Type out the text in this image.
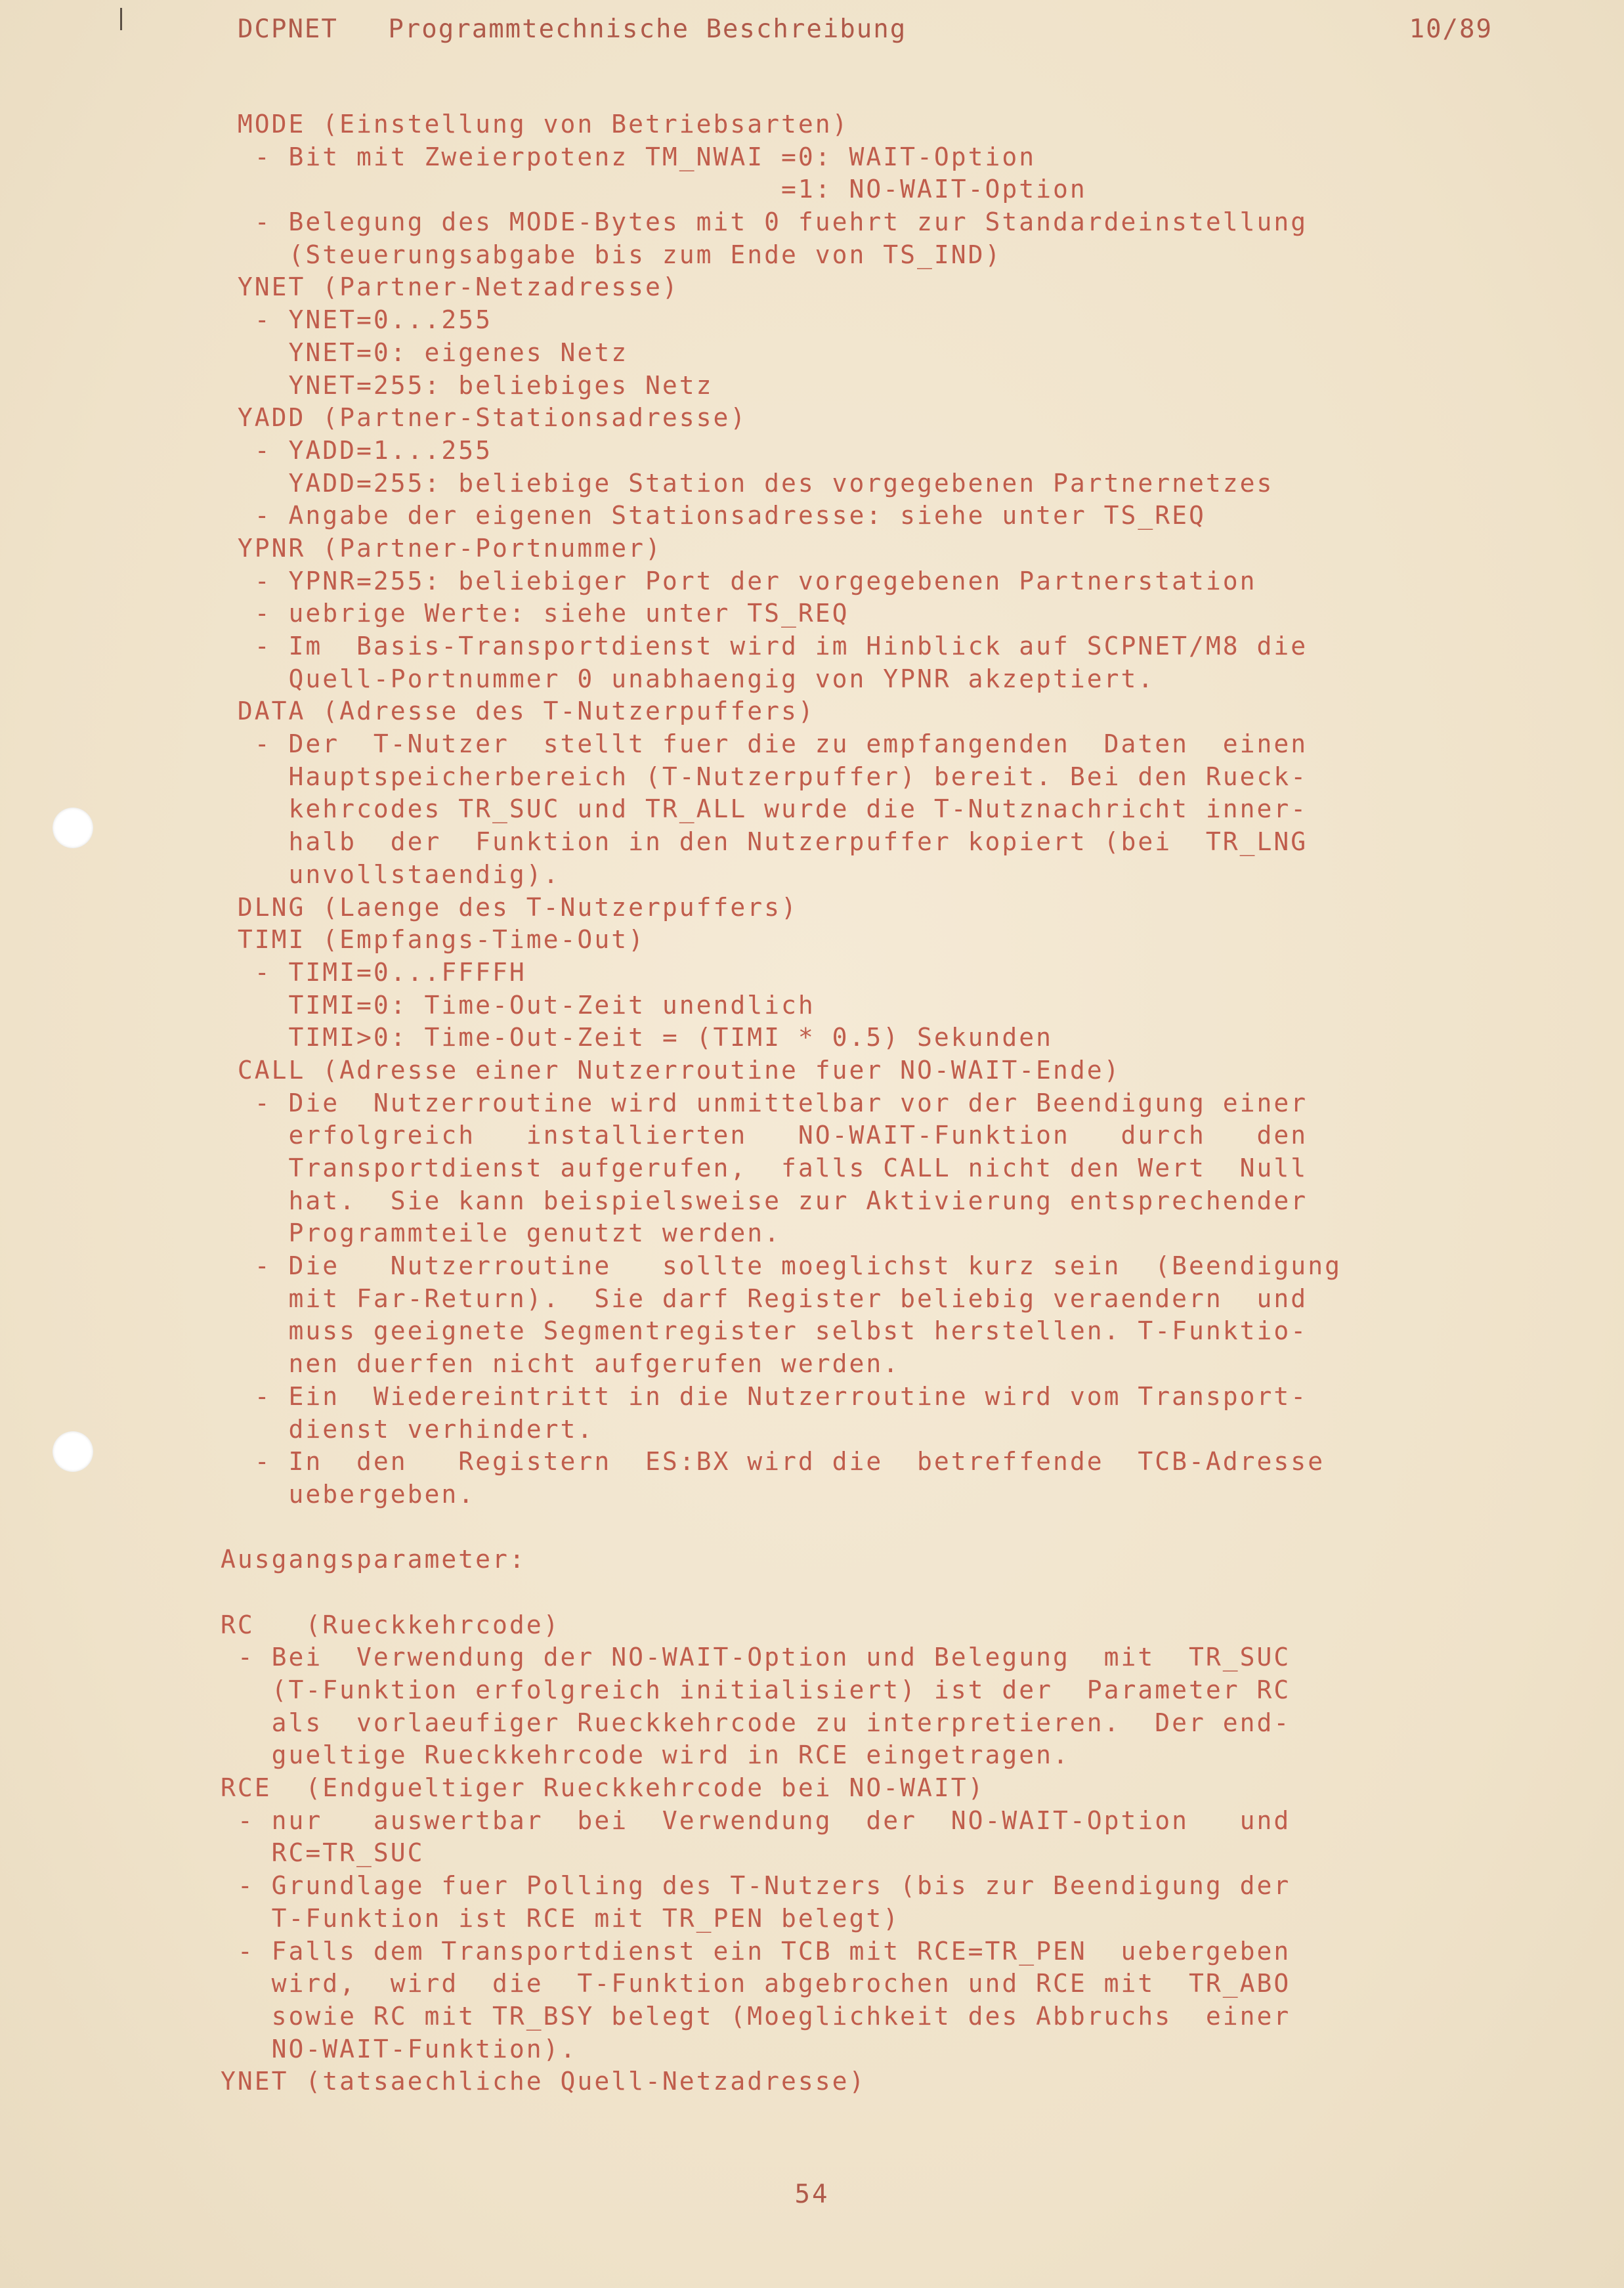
DCPNET   Programmtechnische Beschreibung	10/89
MODE (Einstellung von Betriebsarten)
- Bit mit Zweierpotenz TM_NWAI =0: WAIT-Option
=1: NO-WAIT-Option
- Belegung des MODE-Bytes mit 0 fuehrt zur Standardeinstellung
(Steuerungsabgabe bis zum Ende von TS_IND)
YNET (Partner-Netzadresse)
- YNET=0...255
YNET=0: eigenes Netz
YNET=255: beliebiges Netz
YADD (Partner-Stationsadresse)
- YADD=1...255
YADD=255: beliebige Station des vorgegebenen Partnernetzes
- Angabe der eigenen Stationsadresse: siehe unter TS_REQ
YPNR (Partner-Portnummer)
- YPNR=255: beliebiger Port der vorgegebenen Partnerstation
- uebrige Werte: siehe unter TS_REQ
- Im  Basis-Transportdienst wird im Hinblick auf SCPNET/M8 die
Quell-Portnummer 0 unabhaengig von YPNR akzeptiert.
DATA (Adresse des T-Nutzerpuffers)
- Der  T-Nutzer  stellt fuer die zu empfangenden  Daten  einen
Hauptspeicherbereich (T-Nutzerpuffer) bereit. Bei den Rueck-
kehrcodes TR_SUC und TR_ALL wurde die T-Nutznachricht inner-
halb  der  Funktion in den Nutzerpuffer kopiert (bei  TR_LNG
unvollstaendig).
DLNG (Laenge des T-Nutzerpuffers)
TIMI (Empfangs-Time-Out)
- TIMI=0...FFFFH
TIMI=0: Time-Out-Zeit unendlich
TIMI>0: Time-Out-Zeit = (TIMI * 0.5) Sekunden
CALL (Adresse einer Nutzerroutine fuer NO-WAIT-Ende)
- Die  Nutzerroutine wird unmittelbar vor der Beendigung einer
erfolgreich   installierten   NO-WAIT-Funktion   durch   den
Transportdienst aufgerufen,  falls CALL nicht den Wert  Null
hat.  Sie kann beispielsweise zur Aktivierung entsprechender
Programmteile genutzt werden.
- Die   Nutzerroutine   sollte moeglichst kurz sein  (Beendigung
mit Far-Return).  Sie darf Register beliebig veraendern  und
muss geeignete Segmentregister selbst herstellen. T-Funktio-
nen duerfen nicht aufgerufen werden.
- Ein  Wiedereintritt in die Nutzerroutine wird vom Transport-
dienst verhindert.
- In  den   Registern  ES:BX wird die  betreffende  TCB-Adresse
uebergeben.
Ausgangsparameter:
RC   (Rueckkehrcode)
- Bei  Verwendung der NO-WAIT-Option und Belegung  mit  TR_SUC
(T-Funktion erfolgreich initialisiert) ist der  Parameter RC
als  vorlaeufiger Rueckkehrcode zu interpretieren.  Der end-
gueltige Rueckkehrcode wird in RCE eingetragen.
RCE  (Endgueltiger Rueckkehrcode bei NO-WAIT)
- nur   auswertbar  bei  Verwendung  der  NO-WAIT-Option   und
RC=TR_SUC
- Grundlage fuer Polling des T-Nutzers (bis zur Beendigung der
T-Funktion ist RCE mit TR_PEN belegt)
- Falls dem Transportdienst ein TCB mit RCE=TR_PEN  uebergeben
wird,  wird  die  T-Funktion abgebrochen und RCE mit  TR_ABO
sowie RC mit TR_BSY belegt (Moeglichkeit des Abbruchs  einer
NO-WAIT-Funktion).
YNET (tatsaechliche Quell-Netzadresse)
54
